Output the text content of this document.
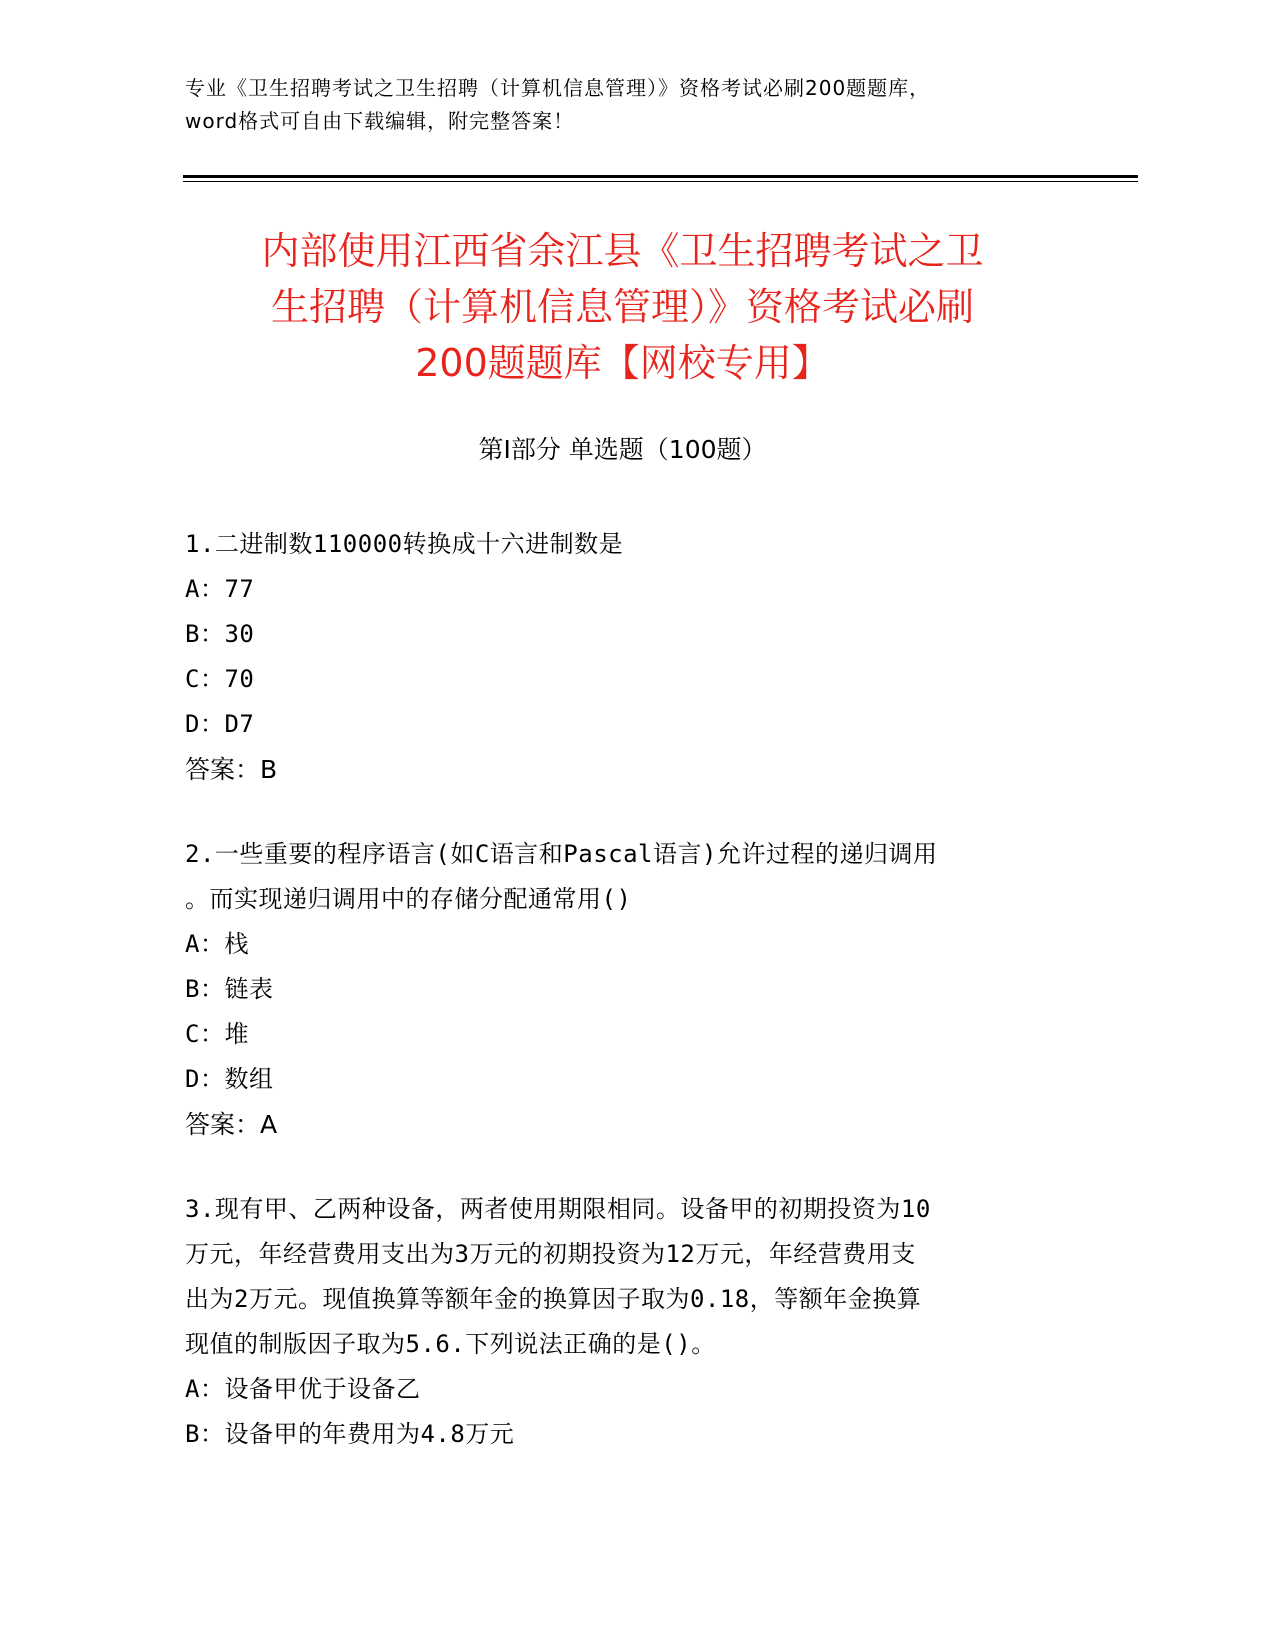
专业《卫生招聘考试之卫生招聘（计算机信息管理）》资格考试必刷200题题库，
word格式可自由下载编辑，附完整答案！
内部使用江西省余江县《卫生招聘考试之卫
生招聘（计算机信息管理）》资格考试必刷
200题题库【网校专用】
第I部分 单选题（100题）
1.二进制数110000转换成十六进制数是
A：77
B：30
C：70
D：D7
答案：B
2.一些重要的程序语言(如C语言和Pascal语言)允许过程的递归调用
。而实现递归调用中的存储分配通常用()
A：栈
B：链表
C：堆
D：数组
答案：A
3.现有甲、乙两种设备，两者使用期限相同。设备甲的初期投资为10
万元，年经营费用支出为3万元的初期投资为12万元，年经营费用支
出为2万元。现值换算等额年金的换算因子取为0.18，等额年金换算
现值的制版因子取为5.6.下列说法正确的是()。
A：设备甲优于设备乙
B：设备甲的年费用为4.8万元
